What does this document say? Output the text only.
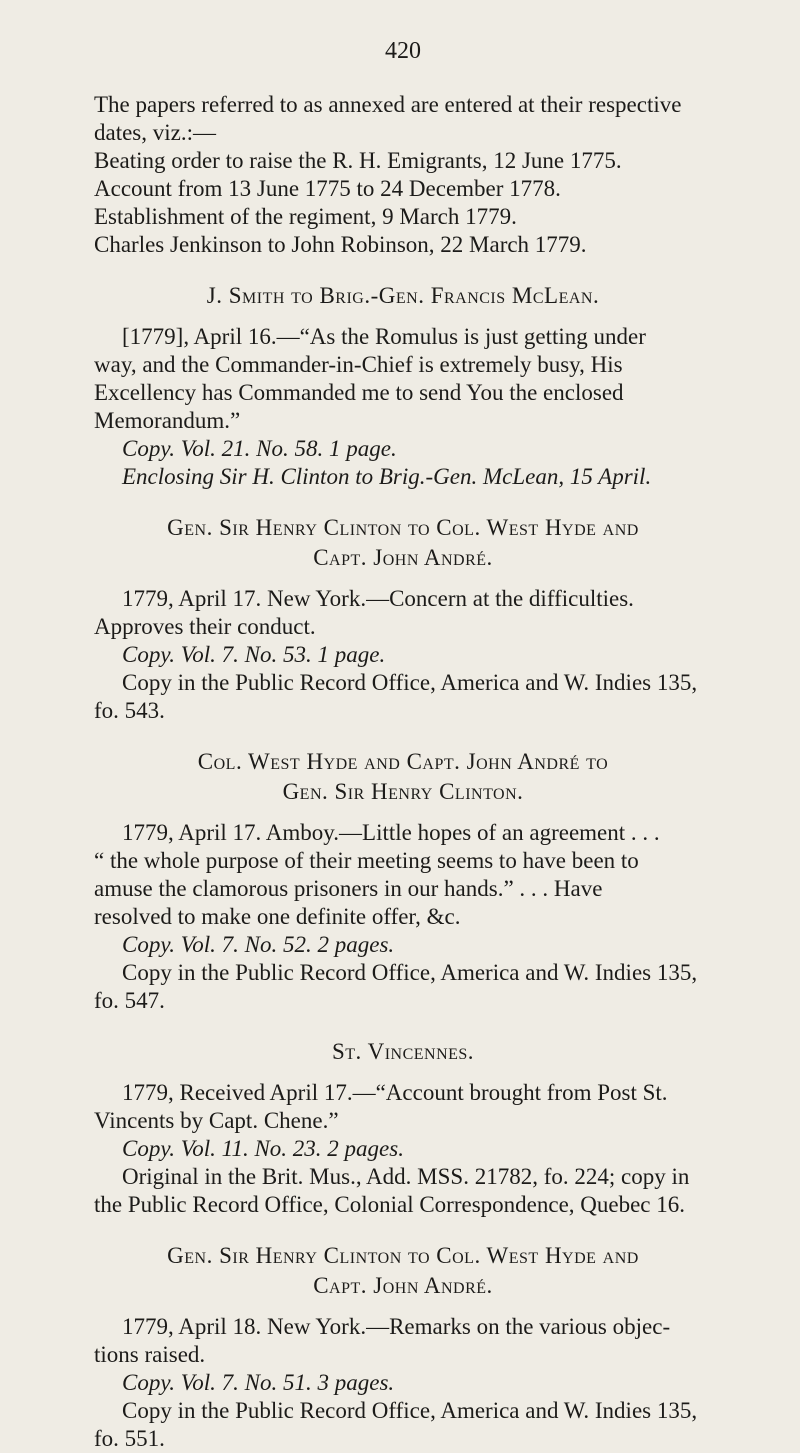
420

The papers referred to as annexed are entered at their respective

dates, viz.:—

Beating order to raise the R. H. Emigrants, 12 June 1775.

Account from 13 June 1775 to 24 December 1778.

Establishment of the regiment, 9 March 1779.

Charles Jenkinson to John Robinson, 22 March 1779.

J. Smith to Brig.-Gen. Francis McLean.

[1779], April 16.—“As the Romulus is just getting under

way, and the Commander-in-Chief is extremely busy, His

Excellency has Commanded me to send You the enclosed

Memorandum.”

Copy. Vol. 21. No. 58. 1 page.

Enclosing Sir H. Clinton to Brig.-Gen. McLean, 15 April.

Gen. Sir Henry Clinton to Col. West Hyde and
Capt. John André.

1779, April 17. New York.—Concern at the difficulties.

Approves their conduct.

Copy. Vol. 7. No. 53. 1 page.

Copy in the Public Record Office, America and W. Indies 135,

fo. 543.

Col. West Hyde and Capt. John André to
Gen. Sir Henry Clinton.

1779, April 17. Amboy.—Little hopes of an agreement . . .

“ the whole purpose of their meeting seems to have been to

amuse the clamorous prisoners in our hands.” . . . Have

resolved to make one definite offer, &c.

Copy. Vol. 7. No. 52. 2 pages.

Copy in the Public Record Office, America and W. Indies 135,

fo. 547.

St. Vincennes.

1779, Received April 17.—“Account brought from Post St.

Vincents by Capt. Chene.”

Copy. Vol. 11. No. 23. 2 pages.

Original in the Brit. Mus., Add. MSS. 21782, fo. 224; copy in

the Public Record Office, Colonial Correspondence, Quebec 16.

Gen. Sir Henry Clinton to Col. West Hyde and
Capt. John André.

1779, April 18. New York.—Remarks on the various objec-

tions raised.

Copy. Vol. 7. No. 51. 3 pages.

Copy in the Public Record Office, America and W. Indies 135,

fo. 551.
